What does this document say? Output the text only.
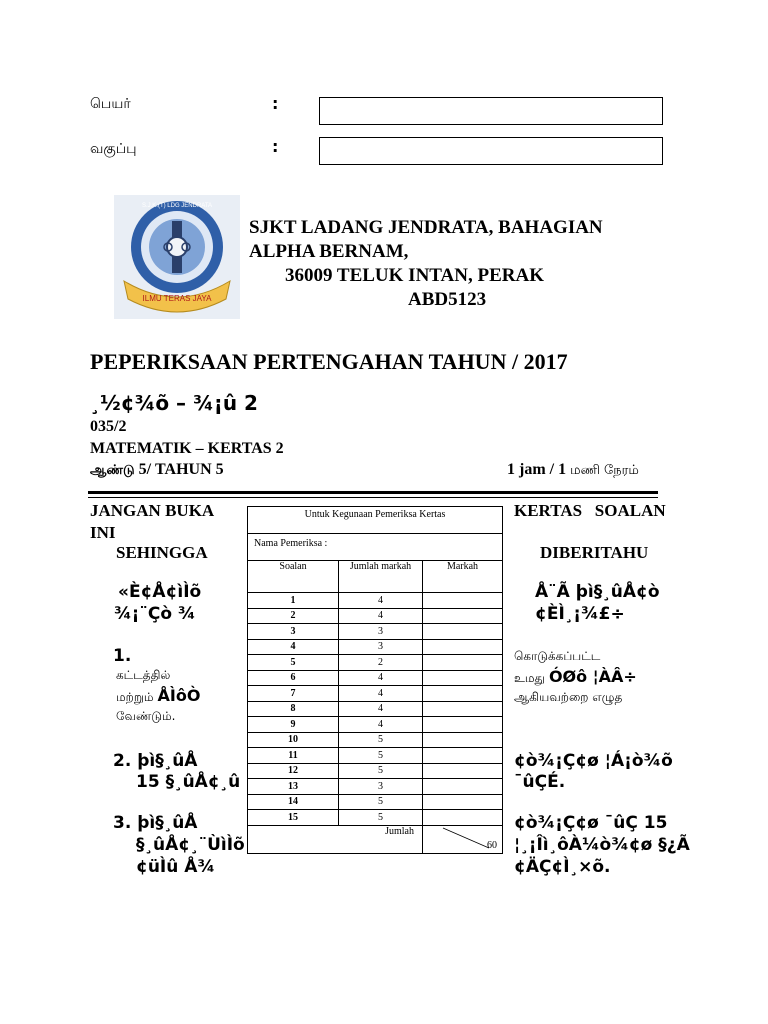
பெயர்	:
வகுப்பு	:
ILMU TERAS JAYA
S.J.K.(T) LDG JENDRATA
SJKT LADANG JENDRATA, BAHAGIAN
ALPHA BERNAM,
36009 TELUK INTAN, PERAK
ABD5123
PEPERIKSAAN PERTENGAHAN TAHUN / 2017
¸½¢¾õ – ¾¡û 2
035/2
MATEMATIK – KERTAS 2
ஆண்டு 5/ TAHUN 5	1 jam / 1 மணி நேரம்
JANGAN BUKA
INI
SEHINGGA
«È¢Å¢ìÌõ
¾¡¨Çò ¾
1.
கட்டத்தில்
மற்றும் ÅÌôÒ
வேண்டும்.
2. þì§¸ûÅ
15 §¸ûÅ¢¸û
3. þì§¸ûÅ
§¸ûÅ¢¸¨ÙìÌõ
¢üÌû Å¾
Untuk Kegunaan Pemeriksa Kertas		
Nama Pemeriksa :		
Soalan	Jumlah markah	Markah
1	4	
2	4	
3	3	
4	3	
5	2	
6	4	
7	4	
8	4	
9	4	
10	5	
11	5	
12	5	
13	3	
14	5	
15	5	
Jumlah		60
KERTAS   SOALAN
DIBERITAHU
Å¨Ã þì§¸ûÅ¢ò
¢ÈÌ¸¡¾£÷
கொடுக்கப்பட்ட
உமது ÓØô ¦ÀÂ÷
ஆகியவற்றை எழுத
¢ò¾¡Ç¢ø ¦Á¡ò¾õ
¯ûÇÉ.
¢ò¾¡Ç¢ø ¯ûÇ 15
¦¸¡Îì¸ôÀ¼ò¾¢ø §¿Ã
¢ÄÇ¢Ì¸×õ.
